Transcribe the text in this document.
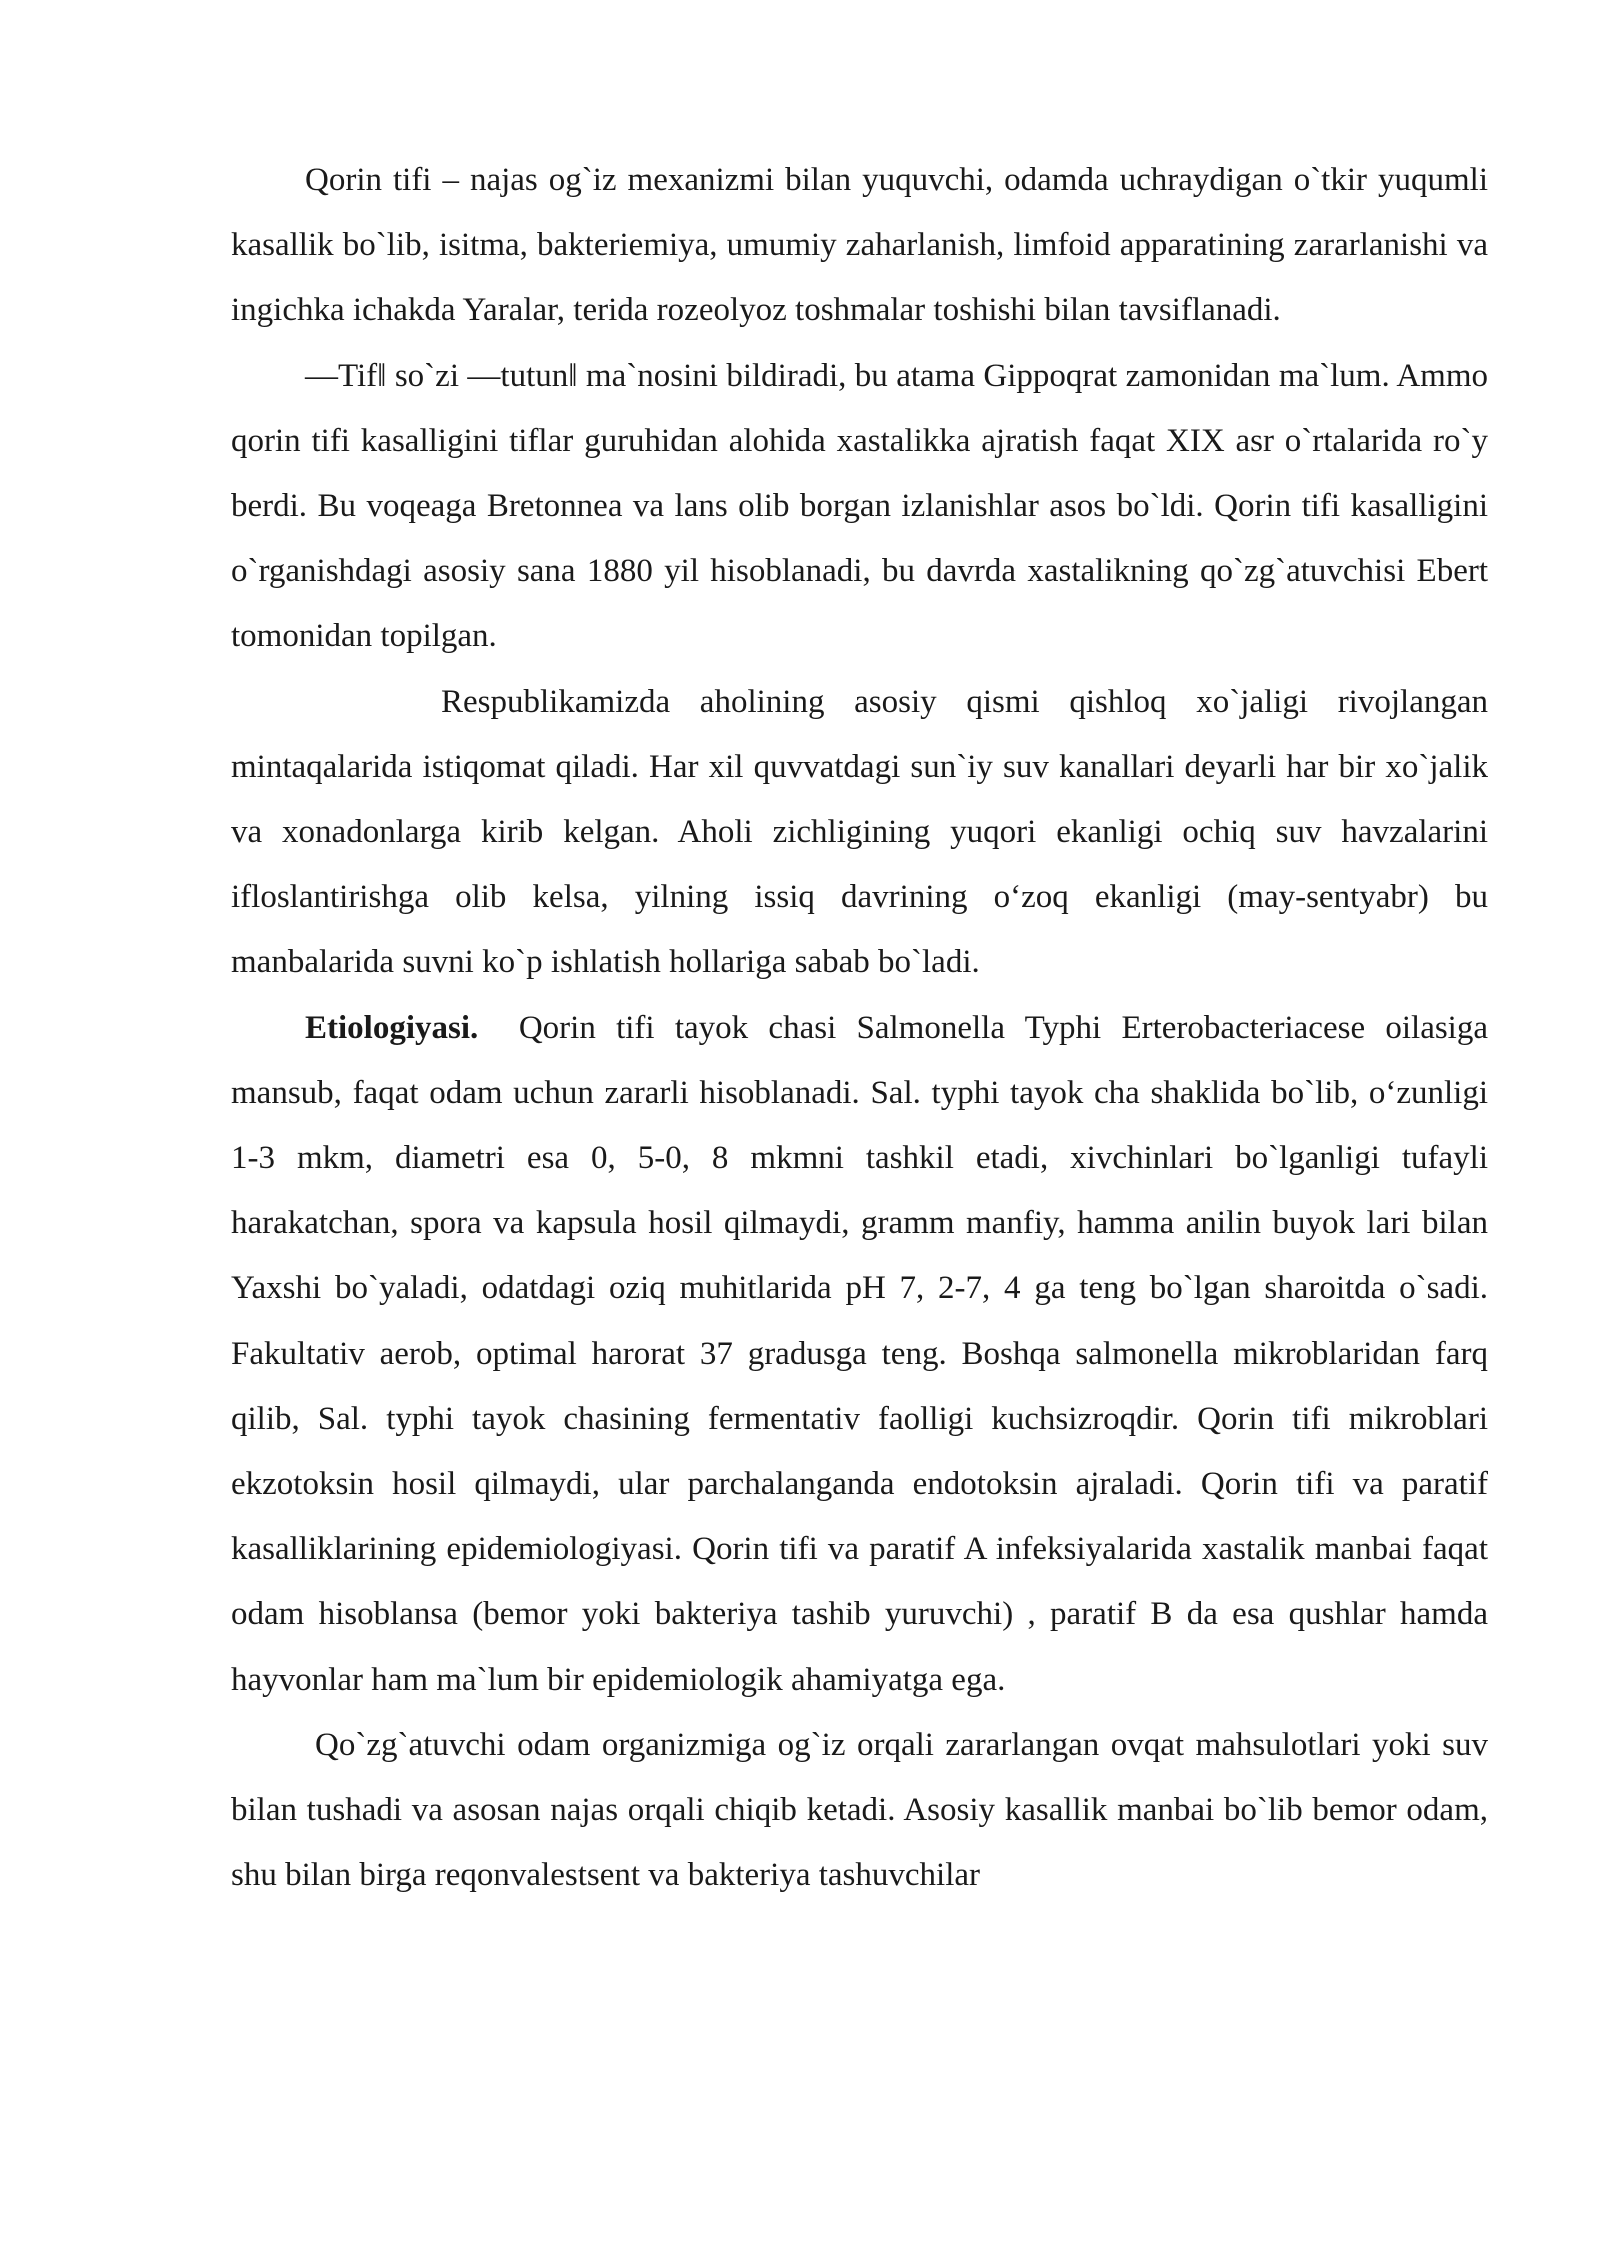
Qorin tifi – najas og`iz mexanizmi bilan yuquvchi, odamda uchraydigan o`tkir yuqumli kasallik bo`lib, isitma, bakteriemiya, umumiy zaharlanish, limfoid apparatining zararlanishi va ingichka ichakda Yaralar, terida rozeolyoz toshmalar toshishi bilan tavsiflanadi.

―Tif‖ so`zi ―tutun‖ ma`nosini bildiradi, bu atama Gippoqrat zamonidan ma`lum. Ammo qorin tifi kasalligini tiflar guruhidan alohida xastalikka ajratish faqat XIX asr o`rtalarida ro`y berdi. Bu voqeaga Bretonnea va lans olib borgan izlanishlar asos bo`ldi. Qorin tifi kasalligini o`rganishdagi asosiy sana 1880 yil hisoblanadi, bu davrda xastalikning qo`zg`atuvchisi Ebert tomonidan topilgan.

Respublikamizda aholining asosiy qismi qishloq xo`jaligi rivojlangan mintaqalarida istiqomat qiladi. Har xil quvvatdagi sun`iy suv kanallari deyarli har bir xo`jalik va xonadonlarga kirib kelgan. Aholi zichligining yuqori ekanligi ochiq suv havzalarini ifloslantirishga olib kelsa, yilning issiq davrining o‘zoq ekanligi (may-sentyabr) bu manbalarida suvni ko`p ishlatish hollariga sabab bo`ladi.

Etiologiyasi. Qorin tifi tayok chasi Salmonella Typhi Erterobacteriacese oilasiga mansub, faqat odam uchun zararli hisoblanadi. Sal. typhi tayok cha shaklida bo`lib, o‘zunligi 1-3 mkm, diametri esa 0, 5-0, 8 mkmni tashkil etadi, xivchinlari bo`lganligi tufayli harakatchan, spora va kapsula hosil qilmaydi, gramm manfiy, hamma anilin buyok lari bilan Yaxshi bo`yaladi, odatdagi oziq muhitlarida pH 7, 2-7, 4 ga teng bo`lgan sharoitda o`sadi. Fakultativ aerob, optimal harorat 37 gradusga teng. Boshqa salmonella mikroblaridan farq qilib, Sal. typhi tayok chasining fermentativ faolligi kuchsizroqdir. Qorin tifi mikroblari ekzotoksin hosil qilmaydi, ular parchalanganda endotoksin ajraladi. Qorin tifi va paratif kasalliklarining epidemiologiyasi. Qorin tifi va paratif A infeksiyalarida xastalik manbai faqat odam hisoblansa (bemor yoki bakteriya tashib yuruvchi) , paratif B da esa qushlar hamda hayvonlar ham ma`lum bir epidemiologik ahamiyatga ega.

Qo`zg`atuvchi odam organizmiga og`iz orqali zararlangan ovqat mahsulotlari yoki suv bilan tushadi va asosan najas orqali chiqib ketadi. Asosiy kasallik manbai bo`lib bemor odam, shu bilan birga reqonvalestsent va bakteriya tashuvchilar
